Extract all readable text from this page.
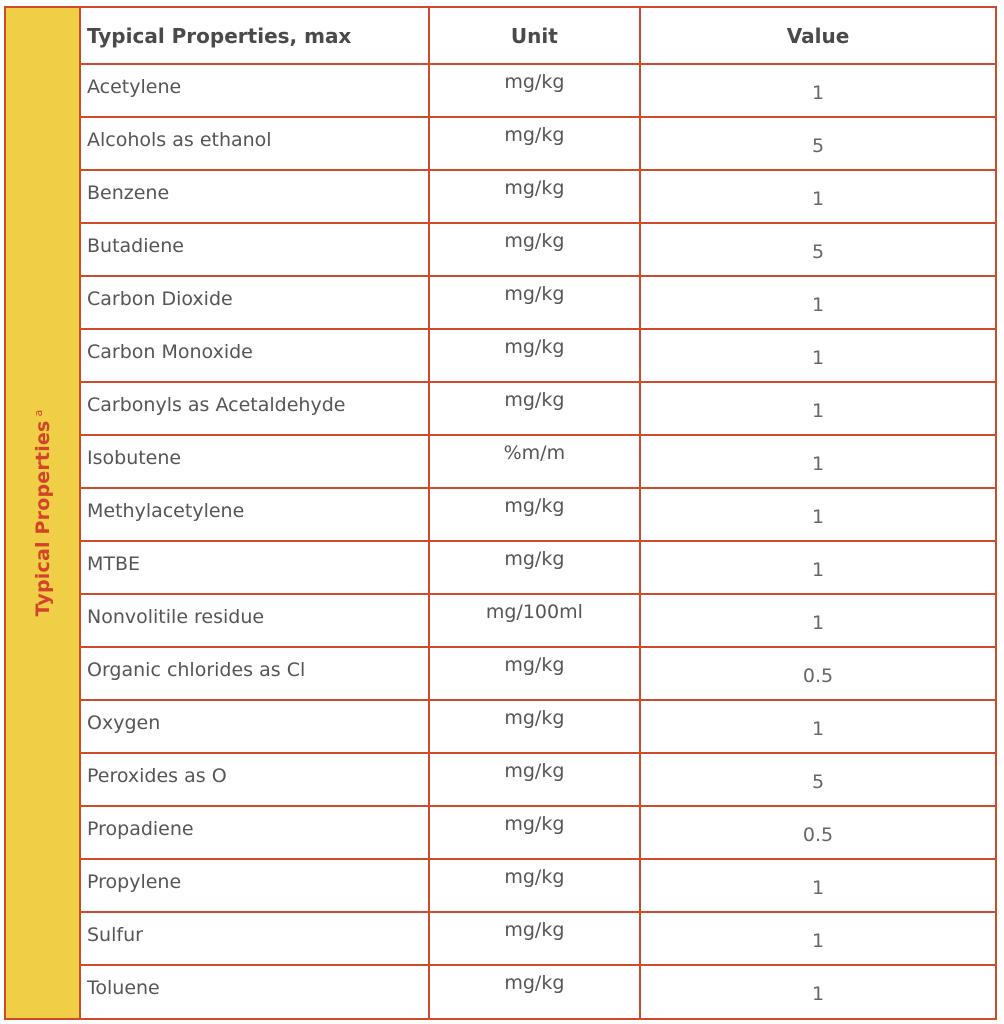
Typical Properties$^a$
Typical Properties, max	Unit	Value
Acetylene	mg/kg	1
Alcohols as ethanol	mg/kg	5
Benzene	mg/kg	1
Butadiene	mg/kg	5
Carbon Dioxide	mg/kg	1
Carbon Monoxide	mg/kg	1
Carbonyls as Acetaldehyde	mg/kg	1
Isobutene	%m/m	1
Methylacetylene	mg/kg	1
MTBE	mg/kg	1
Nonvolitile residue	mg/100ml	1
Organic chlorides as Cl	mg/kg	0.5
Oxygen	mg/kg	1
Peroxides as O	mg/kg	5
Propadiene	mg/kg	0.5
Propylene	mg/kg	1
Sulfur	mg/kg	1
Toluene	mg/kg	1
